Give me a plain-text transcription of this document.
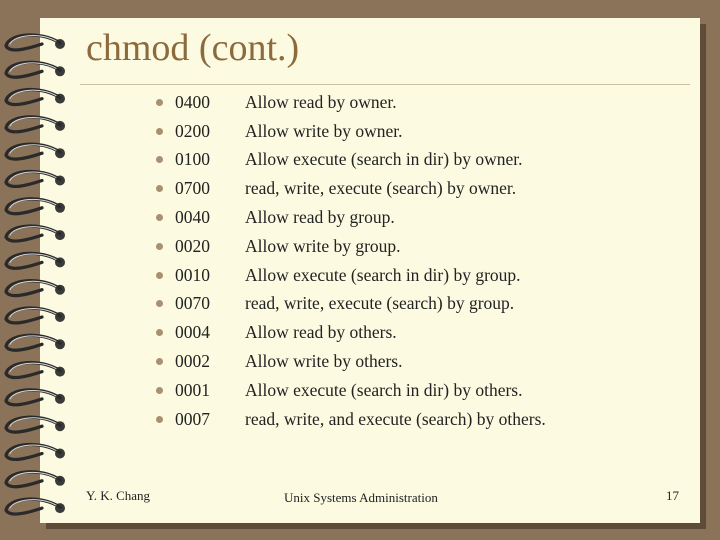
chmod (cont.)
0400	Allow read by owner.
0200	Allow write by owner.
0100	Allow execute (search in dir) by owner.
0700	read, write, execute (search) by owner.
0040	Allow read by group.
0020	Allow write by group.
0010	Allow execute (search in dir) by group.
0070	read, write, execute (search) by group.
0004	Allow read by others.
0002	Allow write by others.
0001	Allow execute (search in dir) by others.
0007	read, write, and execute (search) by others.
Y. K. Chang	Unix Systems Administration	17
